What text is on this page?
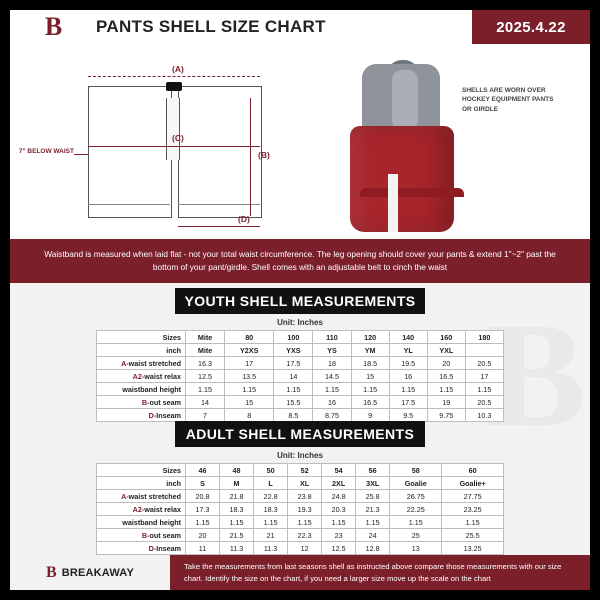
B PANTS SHELL SIZE CHART	2025.4.22
(A)
(C)
(B)
(D)
7" BELOW WAIST
SHELLS ARE WORN OVER HOCKEY EQUIPMENT PANTS OR GIRDLE
Waistband is measured when laid flat - not your total waist circumference. The leg opening should cover your pants & extend 1"~2" past the bottom of your pant/girdle. Shell comes with an adjustable belt to cinch the waist
YOUTH SHELL MEASUREMENTS
Unit: Inches
Sizes	Mite	80	100	110	120	140	160	180
inch	Mite	Y2XS	YXS	YS	YM	YL	YXL	
A-waist stretched	16.3	17	17.5	18	18.5	19.5	20	20.5
A2-waist relax	12.5	13.5	14	14.5	15	16	16.5	17
waistband height	1.15	1.15	1.15	1.15	1.15	1.15	1.15	1.15
B-out seam	14	15	15.5	16	16.5	17.5	19	20.5
D-Inseam	7	8	8.5	8.75	9	9.5	9.75	10.3
ADULT SHELL MEASUREMENTS
Unit: Inches
Sizes	46	48	50	52	54	56	58	60
inch	S	M	L	XL	2XL	3XL	Goalie	Goalie+
A-waist stretched	20.8	21.8	22.8	23.8	24.8	25.8	26.75	27.75
A2-waist relax	17.3	18.3	18.3	19.3	20.3	21.3	22.25	23.25
waistband height	1.15	1.15	1.15	1.15	1.15	1.15	1.15	1.15
B-out seam	20	21.5	21	22.3	23	24	25	25.5
D-Inseam	11	11.3	11.3	12	12.5	12.8	13	13.25
B BREAKAWAY	Take the measurements from last seasons shell as instructed above compare those measurements with our size chart. Identify the size on the chart, if you need a larger size move up the scale on the chart
